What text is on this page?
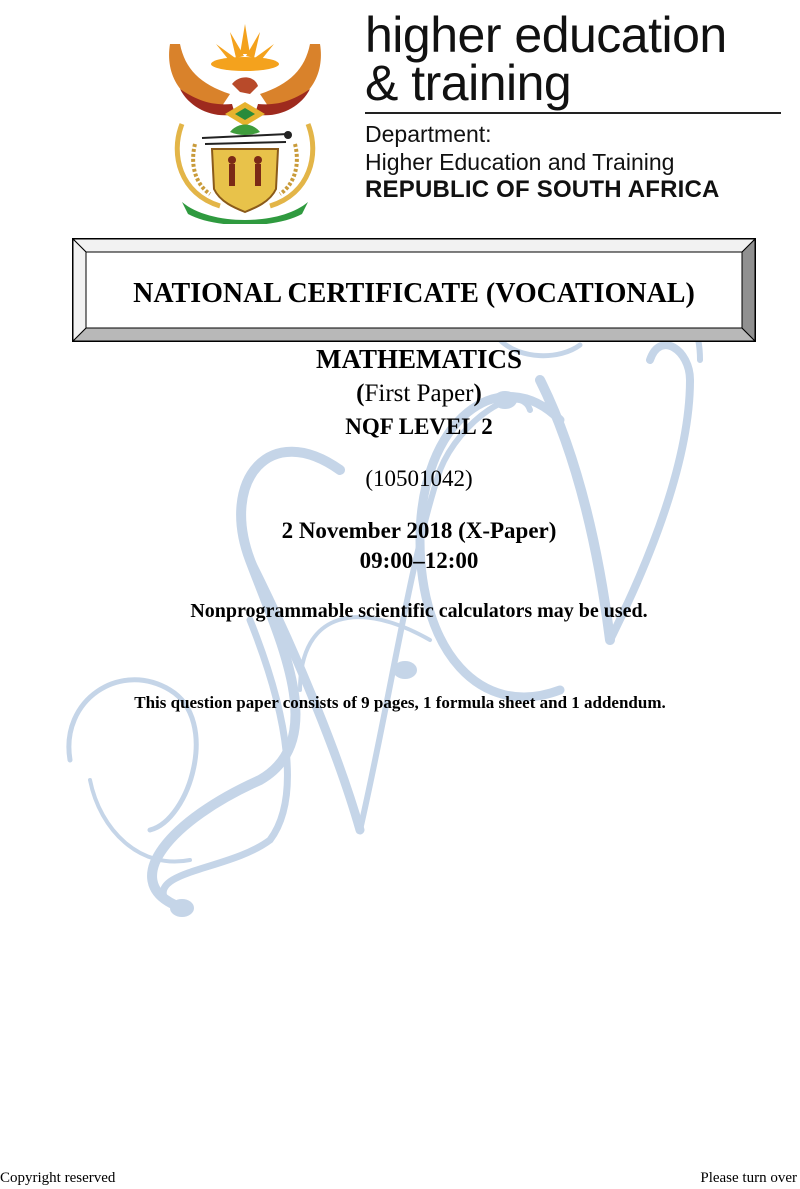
higher education
& training
Department:
Higher Education and Training
REPUBLIC OF SOUTH AFRICA
NATIONAL CERTIFICATE (VOCATIONAL)
MATHEMATICS
(First Paper)
NQF LEVEL 2
(10501042)
2 November 2018 (X-Paper)
09:00–12:00
Nonprogrammable scientific calculators may be used.
This question paper consists of 9 pages, 1 formula sheet and 1 addendum.
Copyright reserved	Please turn over
